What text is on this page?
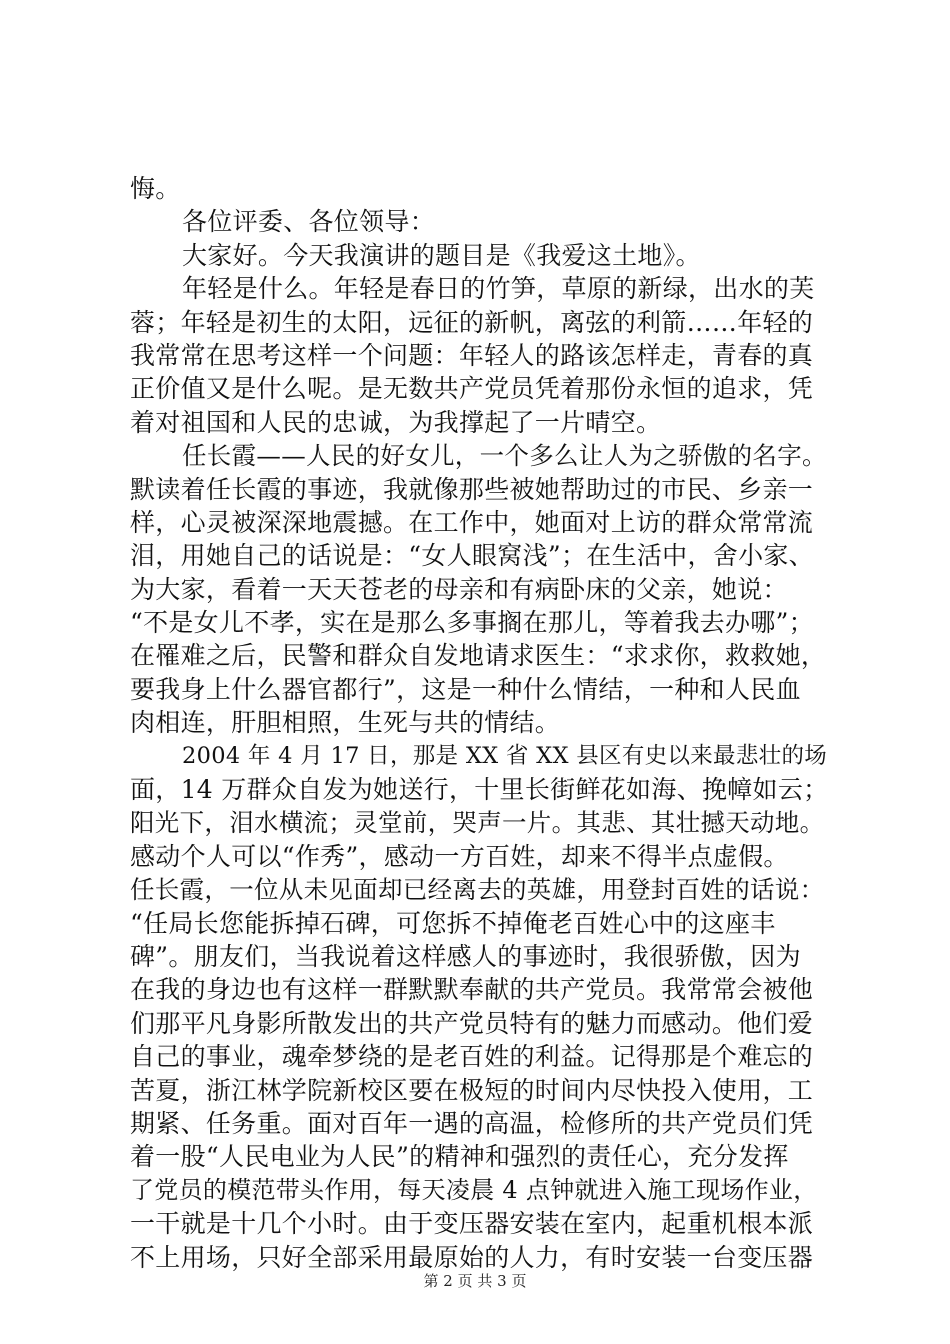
悔。
各位评委、各位领导：
大家好。今天我演讲的题目是《我爱这土地》。
年轻是什么。年轻是春日的竹笋，草原的新绿，出水的芙
蓉；年轻是初生的太阳，远征的新帆，离弦的利箭……年轻的
我常常在思考这样一个问题：年轻人的路该怎样走，青春的真
正价值又是什么呢。是无数共产党员凭着那份永恒的追求，凭
着对祖国和人民的忠诚，为我撑起了一片晴空。
任长霞——人民的好女儿，一个多么让人为之骄傲的名字。
默读着任长霞的事迹，我就像那些被她帮助过的市民、乡亲一
样，心灵被深深地震撼。在工作中，她面对上访的群众常常流
泪，用她自己的话说是：“女人眼窝浅”；在生活中，舍小家、
为大家，看着一天天苍老的母亲和有病卧床的父亲，她说：
“不是女儿不孝，实在是那么多事搁在那儿，等着我去办哪”；
在罹难之后，民警和群众自发地请求医生：“求求你，救救她，
要我身上什么器官都行”，这是一种什么情结，一种和人民血
肉相连，肝胆相照，生死与共的情结。
2004 年 4 月 17 日，那是 XX 省 XX 县区有史以来最悲壮的场
面，14 万群众自发为她送行，十里长街鲜花如海、挽幛如云；
阳光下，泪水横流；灵堂前，哭声一片。其悲、其壮撼天动地。
感动个人可以“作秀”，感动一方百姓，却来不得半点虚假。
任长霞，一位从未见面却已经离去的英雄，用登封百姓的话说：
“任局长您能拆掉石碑，可您拆不掉俺老百姓心中的这座丰
碑”。朋友们，当我说着这样感人的事迹时，我很骄傲，因为
在我的身边也有这样一群默默奉献的共产党员。我常常会被他
们那平凡身影所散发出的共产党员特有的魅力而感动。他们爱
自己的事业，魂牵梦绕的是老百姓的利益。记得那是个难忘的
苦夏，浙江林学院新校区要在极短的时间内尽快投入使用，工
期紧、任务重。面对百年一遇的高温，检修所的共产党员们凭
着一股“人民电业为人民”的精神和强烈的责任心，充分发挥
了党员的模范带头作用，每天凌晨 4 点钟就进入施工现场作业，
一干就是十几个小时。由于变压器安装在室内，起重机根本派
不上用场，只好全部采用最原始的人力，有时安装一台变压器
第 2 页 共 3 页
